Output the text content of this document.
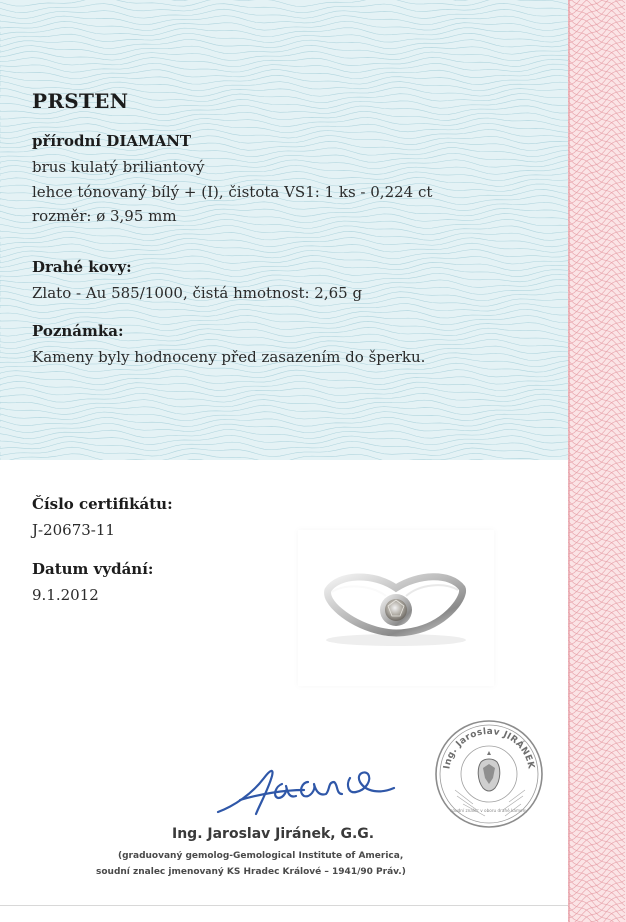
PRSTEN
přírodní DIAMANT
brus kulatý briliantový
lehce tónovaný bílý + (I), čistota VS1: 1 ks - 0,224 ct
rozměr: ø 3,95 mm
Drahé kovy:
Zlato - Au 585/1000, čistá hmotnost: 2,65 g
Poznámka:
Kameny byly hodnoceny před zasazením do šperku.
Číslo certifikátu:
J-20673-11
Datum vydání:
9.1.2012
Ing. Jaroslav JIRÁNEK
soudní znalec v oboru drahé kameny
Ing. Jaroslav Jiránek, G.G.
(graduovaný gemolog-Gemological Institute of America,
soudní znalec jmenovaný KS Hradec Králové – 1941/90 Práv.)
